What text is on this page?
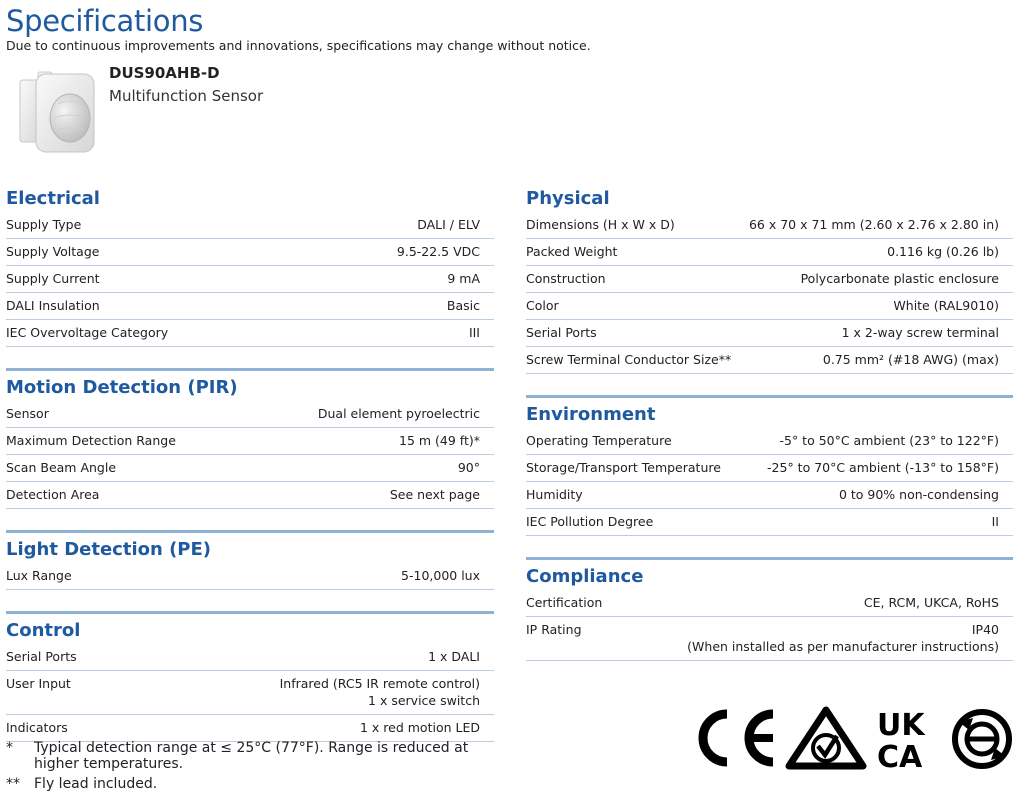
Specifications
Due to continuous improvements and innovations, specifications may change without notice.
DUS90AHB-D
Multifunction Sensor
Electrical
Supply Type	DALI / ELV
Supply Voltage	9.5-22.5 VDC
Supply Current	9 mA
DALI Insulation	Basic
IEC Overvoltage Category	III
Motion Detection (PIR)
Sensor	Dual element pyroelectric
Maximum Detection Range	15 m (49 ft)*
Scan Beam Angle	90°
Detection Area	See next page
Light Detection (PE)
Lux Range	5-10,000 lux
Control
Serial Ports	1 x DALI
User Input	Infrared (RC5 IR remote control)
1 x service switch
Indicators	1 x red motion LED
Physical
Dimensions (H x W x D)	66 x 70 x 71 mm (2.60 x 2.76 x 2.80 in)
Packed Weight	0.116 kg (0.26 lb)
Construction	Polycarbonate plastic enclosure
Color	White (RAL9010)
Serial Ports	1 x 2-way screw terminal
Screw Terminal Conductor Size**	0.75 mm² (#18 AWG) (max)
Environment
Operating Temperature	-5° to 50°C ambient (23° to 122°F)
Storage/Transport Temperature	-25° to 70°C ambient (-13° to 158°F)
Humidity	0 to 90% non-condensing
IEC Pollution Degree	II
Compliance
Certification	CE, RCM, UKCA, RoHS
IP Rating	IP40
(When installed as per manufacturer instructions)
*	Typical detection range at ≤ 25°C (77°F). Range is reduced at higher temperatures.
**	Fly lead included.
UK
CA
